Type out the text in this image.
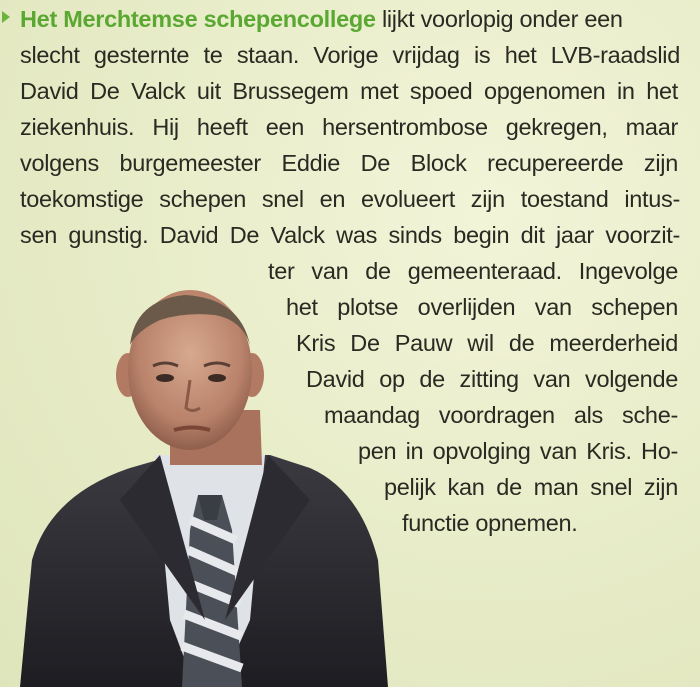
Het Merchtemse schepencollege lijkt voorlopig onder een
slecht gesternte te staan. Vorige vrijdag is het LVB-raadslid
David De Valck uit Brussegem met spoed opgenomen in het
ziekenhuis. Hij heeft een hersentrombose gekregen, maar
volgens burgemeester Eddie De Block recupereerde zijn
toekomstige schepen snel en evolueert zijn toestand intus-
sen gunstig. David De Valck was sinds begin dit jaar voorzit-
ter van de gemeenteraad. Ingevolge
het plotse overlijden van schepen
Kris De Pauw wil de meerderheid
David op de zitting van volgende
maandag voordragen als sche-
pen in opvolging van Kris. Ho-
pelijk kan de man snel zijn
functie opnemen.
